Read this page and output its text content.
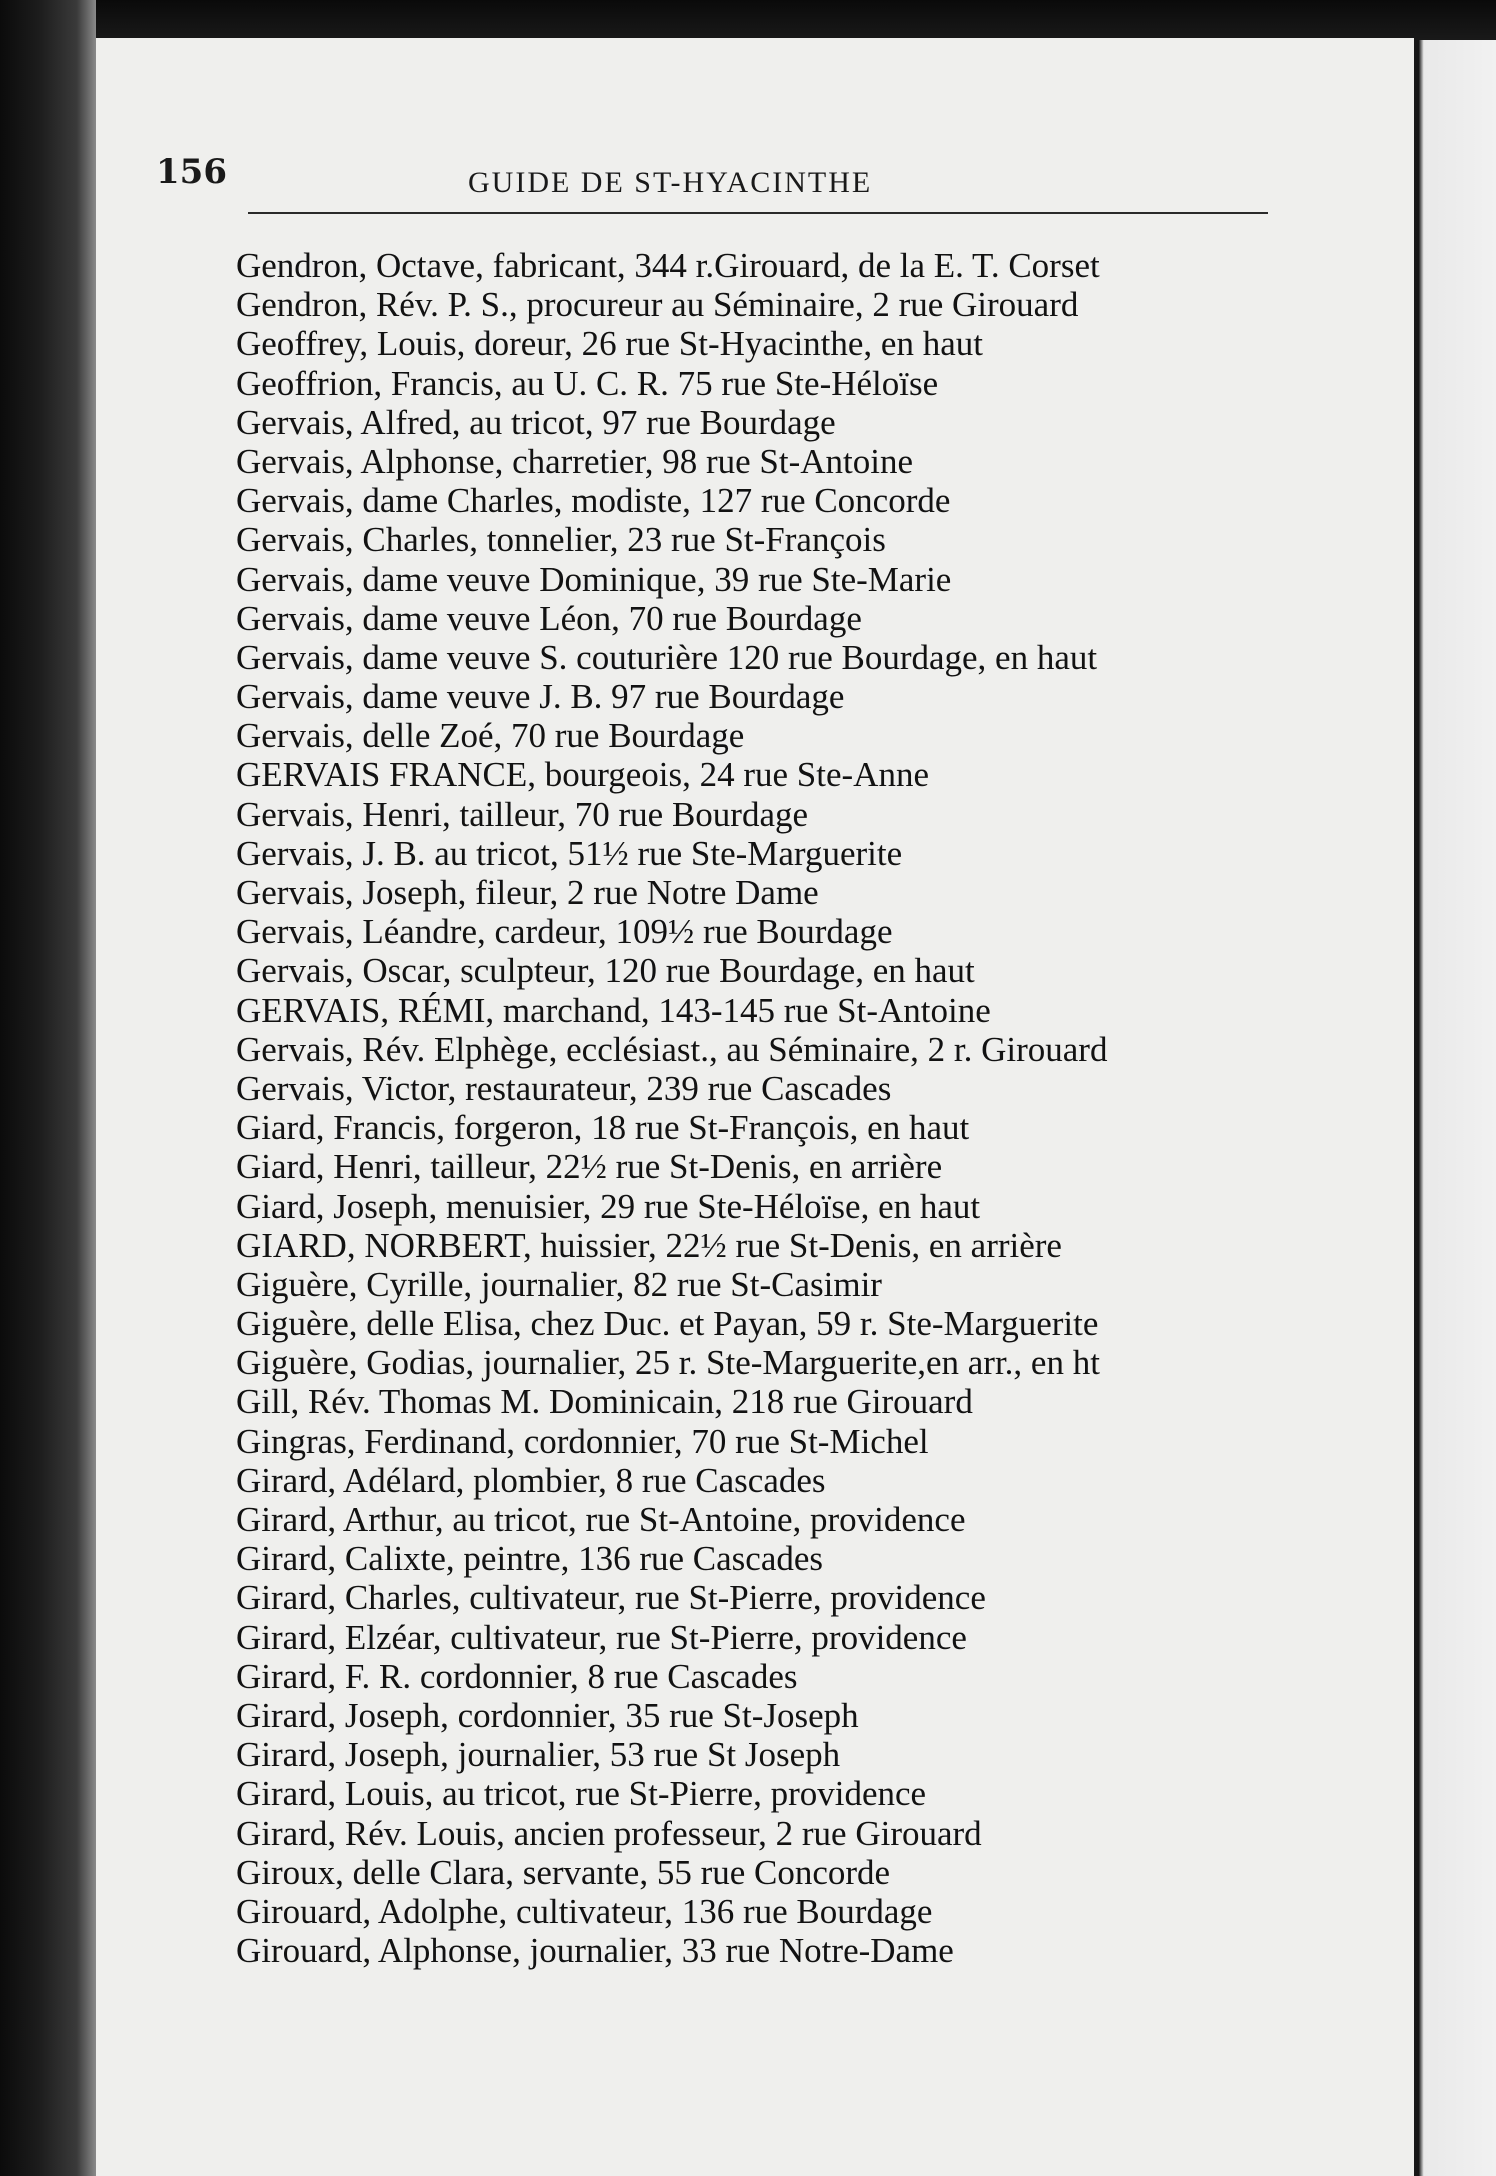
156	GUIDE DE ST-HYACINTHE
Gendron, Octave, fabricant, 344 r.Girouard, de la E. T. Corset
Gendron, Rév. P. S., procureur au Séminaire, 2 rue Girouard
Geoffrey, Louis, doreur, 26 rue St-Hyacinthe, en haut
Geoffrion, Francis, au U. C. R. 75 rue Ste-Héloïse
Gervais, Alfred, au tricot, 97 rue Bourdage
Gervais, Alphonse, charretier, 98 rue St-Antoine
Gervais, dame Charles, modiste, 127 rue Concorde
Gervais, Charles, tonnelier, 23 rue St-François
Gervais, dame veuve Dominique, 39 rue Ste-Marie
Gervais, dame veuve Léon, 70 rue Bourdage
Gervais, dame veuve S. couturière 120 rue Bourdage, en haut
Gervais, dame veuve J. B. 97 rue Bourdage
Gervais, delle Zoé, 70 rue Bourdage
GERVAIS FRANCE, bourgeois, 24 rue Ste-Anne
Gervais, Henri, tailleur, 70 rue Bourdage
Gervais, J. B. au tricot, 51½ rue Ste-Marguerite
Gervais, Joseph, fileur, 2 rue Notre Dame
Gervais, Léandre, cardeur, 109½ rue Bourdage
Gervais, Oscar, sculpteur, 120 rue Bourdage, en haut
GERVAIS, RÉMI, marchand, 143-145 rue St-Antoine
Gervais, Rév. Elphège, ecclésiast., au Séminaire, 2 r. Girouard
Gervais, Victor, restaurateur, 239 rue Cascades
Giard, Francis, forgeron, 18 rue St-François, en haut
Giard, Henri, tailleur, 22½ rue St-Denis, en arrière
Giard, Joseph, menuisier, 29 rue Ste-Héloïse, en haut
GIARD, NORBERT, huissier, 22½ rue St-Denis, en arrière
Giguère, Cyrille, journalier, 82 rue St-Casimir
Giguère, delle Elisa, chez Duc. et Payan, 59 r. Ste-Marguerite
Giguère, Godias, journalier, 25 r. Ste-Marguerite,en arr., en ht
Gill, Rév. Thomas M. Dominicain, 218 rue Girouard
Gingras, Ferdinand, cordonnier, 70 rue St-Michel
Girard, Adélard, plombier, 8 rue Cascades
Girard, Arthur, au tricot, rue St-Antoine, providence
Girard, Calixte, peintre, 136 rue Cascades
Girard, Charles, cultivateur, rue St-Pierre, providence
Girard, Elzéar, cultivateur, rue St-Pierre, providence
Girard, F. R. cordonnier, 8 rue Cascades
Girard, Joseph, cordonnier, 35 rue St-Joseph
Girard, Joseph, journalier, 53 rue St Joseph
Girard, Louis, au tricot, rue St-Pierre, providence
Girard, Rév. Louis, ancien professeur, 2 rue Girouard
Giroux, delle Clara, servante, 55 rue Concorde
Girouard, Adolphe, cultivateur, 136 rue Bourdage
Girouard, Alphonse, journalier, 33 rue Notre-Dame
